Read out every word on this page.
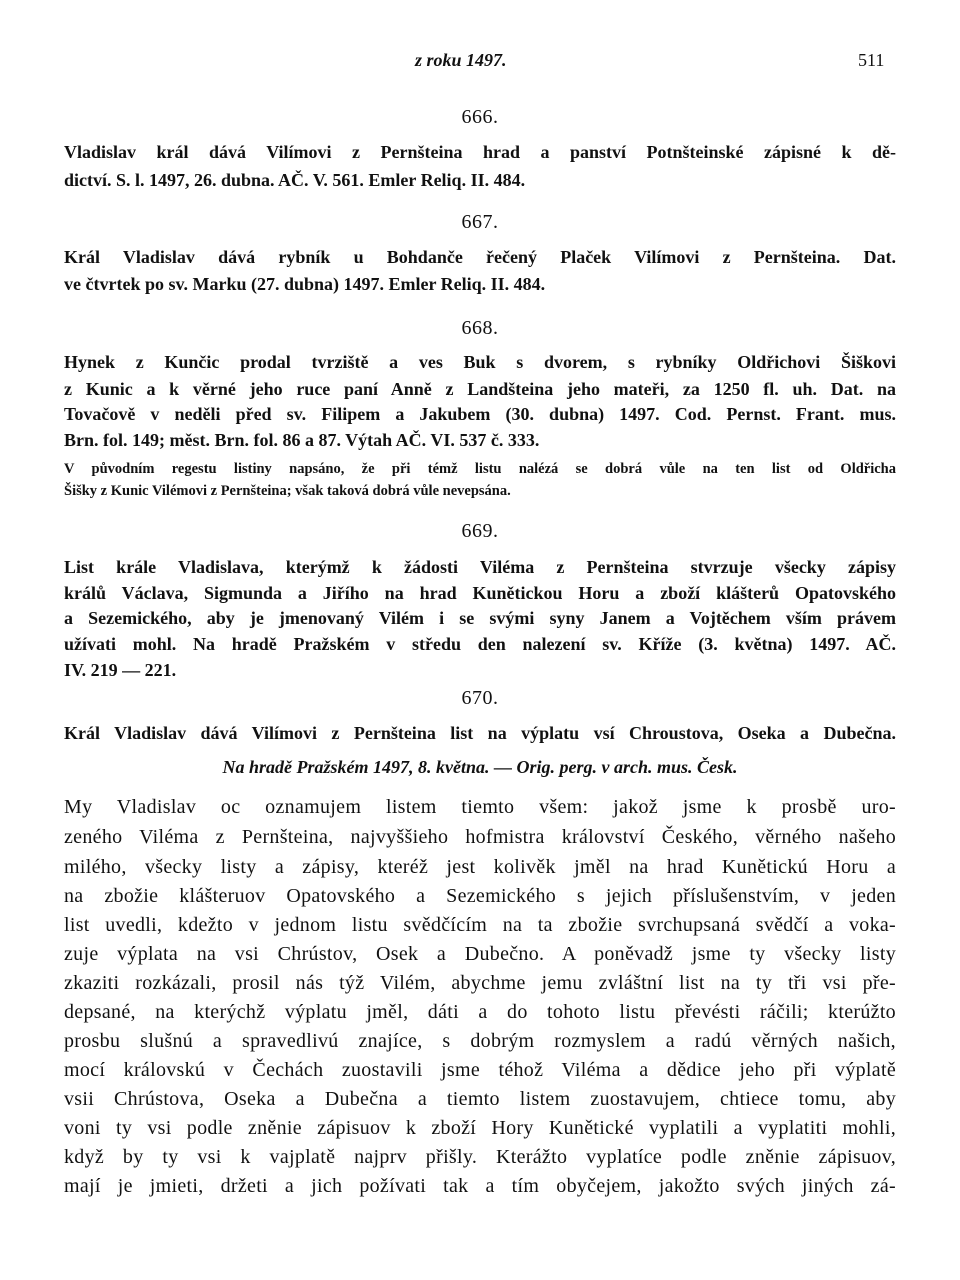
z roku 1497.	511
666.
Vladislav král dává Vilímovi z Pernšteina hrad a panství Potnšteinské zápisné k dě-
dictví. S. l. 1497, 26. dubna. AČ. V. 561. Emler Reliq. II. 484.
667.
Král Vladislav dává rybník u Bohdanče řečený Plaček Vilímovi z Pernšteina. Dat.
ve čtvrtek po sv. Marku (27. dubna) 1497. Emler Reliq. II. 484.
668.
Hynek z Kunčic prodal tvrziště a ves Buk s dvorem, s rybníky Oldřichovi Šiškovi
z Kunic a k věrné jeho ruce paní Anně z Landšteina jeho mateři, za 1250 fl. uh. Dat. na
Tovačově v neděli před sv. Filipem a Jakubem (30. dubna) 1497. Cod. Pernst. Frant. mus.
Brn. fol. 149; měst. Brn. fol. 86 a 87. Výtah AČ. VI. 537 č. 333.
V původním regestu listiny napsáno, že při témž listu nalézá se dobrá vůle na ten list od Oldřicha
Šišky z Kunic Vilémovi z Pernšteina; však taková dobrá vůle nevepsána.
669.
List krále Vladislava, kterýmž k žádosti Viléma z Pernšteina stvrzuje všecky zápisy
králů Václava, Sigmunda a Jiřího na hrad Kunětickou Horu a zboží klášterů Opatovského
a Sezemického, aby je jmenovaný Vilém i se svými syny Janem a Vojtěchem vším právem
užívati mohl. Na hradě Pražském v středu den nalezení sv. Kříže (3. května) 1497. AČ.
IV. 219 — 221.
670.
Král Vladislav dává Vilímovi z Pernšteina list na výplatu vsí Chroustova, Oseka a Dubečna.
Na hradě Pražském 1497, 8. května. — Orig. perg. v arch. mus. Česk.
My Vladislav oc oznamujem listem tiemto všem: jakož jsme k prosbě uro-
zeného Viléma z Pernšteina, najvyššieho hofmistra království Českého, věrného našeho
milého, všecky listy a zápisy, kteréž jest kolivěk jměl na hrad Kunětickú Horu a
na zbožie klášteruov Opatovského a Sezemického s jejich příslušenstvím, v jeden
list uvedli, kdežto v jednom listu svědčícím na ta zbožie svrchupsaná svědčí a voka-
zuje výplata na vsi Chrústov, Osek a Dubečno. A poněvadž jsme ty všecky listy
zkaziti rozkázali, prosil nás týž Vilém, abychme jemu zvláštní list na ty tři vsi pře-
depsané, na kterýchž výplatu jměl, dáti a do tohoto listu převésti ráčili; kterúžto
prosbu slušnú a spravedlivú znajíce, s dobrým rozmyslem a radú věrných našich,
mocí královskú v Čechách zuostavili jsme téhož Viléma a dědice jeho při výplatě
vsii Chrústova, Oseka a Dubečna a tiemto listem zuostavujem, chtiece tomu, aby
voni ty vsi podle zněnie zápisuov k zboží Hory Kunětické vyplatili a vyplatiti mohli,
když by ty vsi k vajplatě najprv přišly. Kterážto vyplatíce podle zněnie zápisuov,
mají je jmieti, držeti a jich požívati tak a tím obyčejem, jakožto svých jiných zá-
